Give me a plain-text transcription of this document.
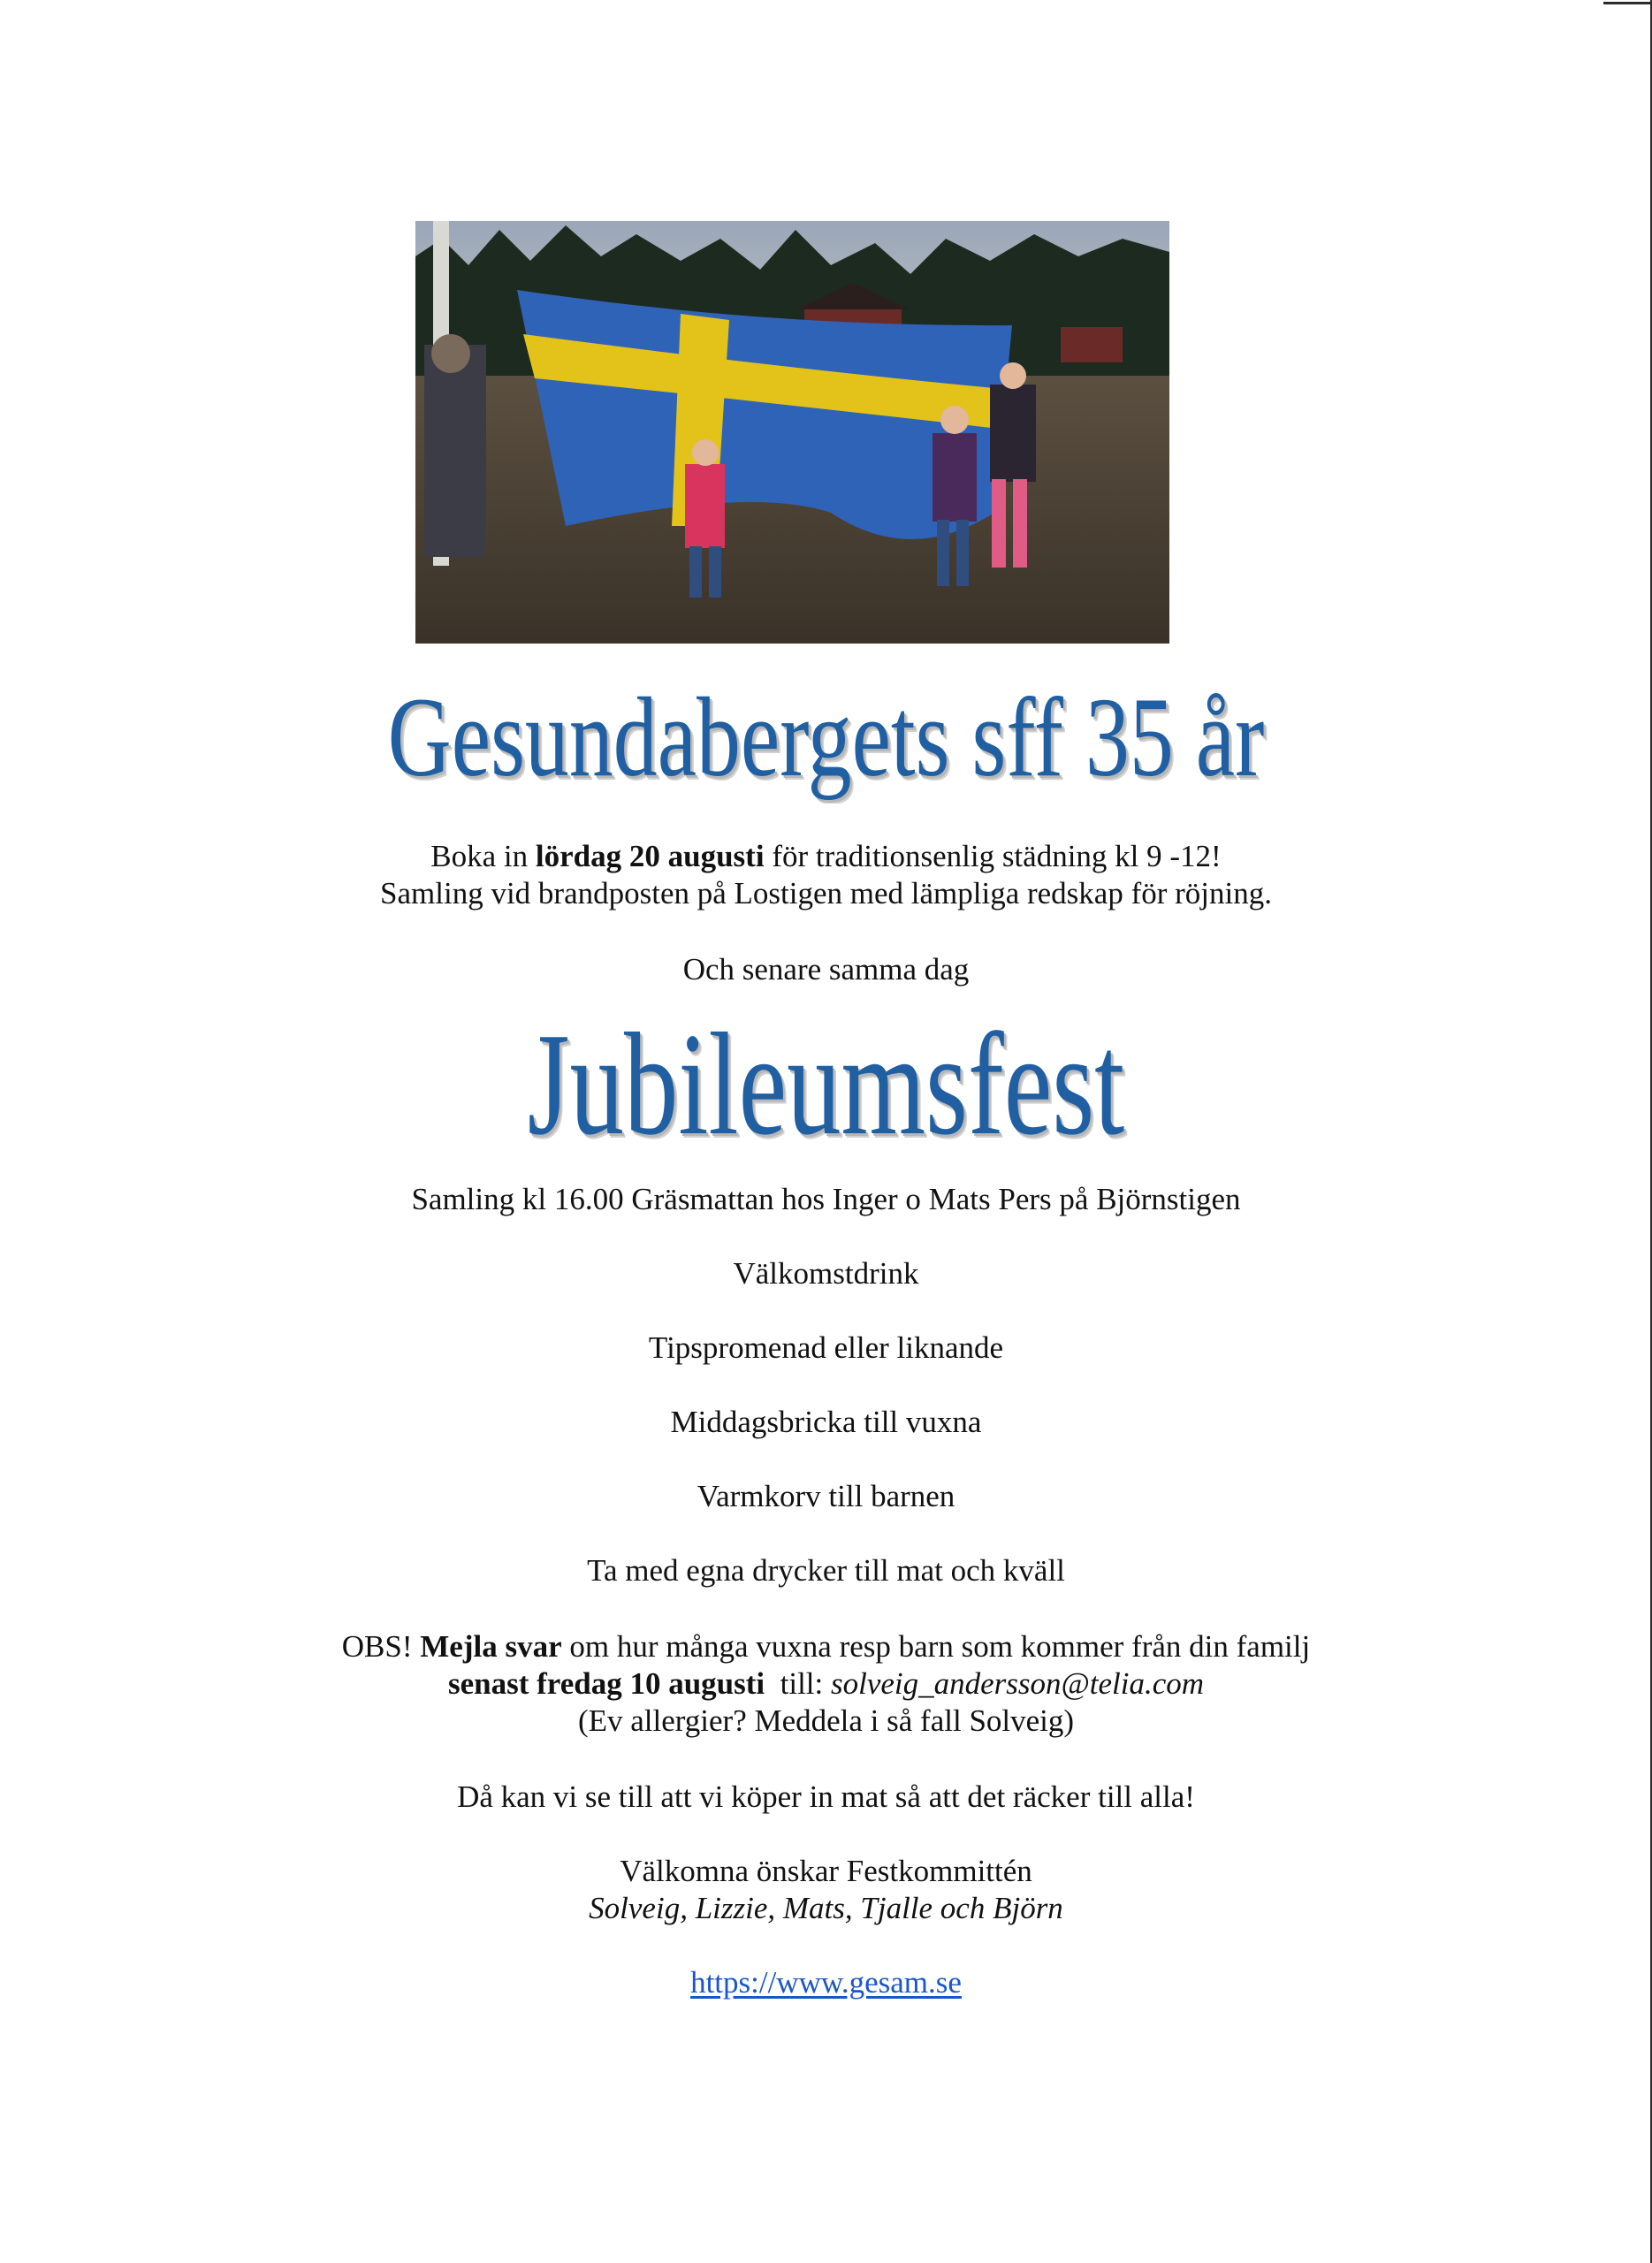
Gesundabergets sff 35 år
Boka in lördag 20 augusti för traditionsenlig städning kl 9 -12!
Samling vid brandposten på Lostigen med lämpliga redskap för röjning.
Och senare samma dag
Jubileumsfest
Samling kl 16.00 Gräsmattan hos Inger o Mats Pers på Björnstigen
Välkomstdrink
Tipspromenad eller liknande
Middagsbricka till vuxna
Varmkorv till barnen
Ta med egna drycker till mat och kväll
OBS! Mejla svar om hur många vuxna resp barn som kommer från din familj
senast fredag 10 augusti  till: solveig_andersson@telia.com
(Ev allergier? Meddela i så fall Solveig)
Då kan vi se till att vi köper in mat så att det räcker till alla!
Välkomna önskar Festkommittén
Solveig, Lizzie, Mats, Tjalle och Björn
https://www.gesam.se
